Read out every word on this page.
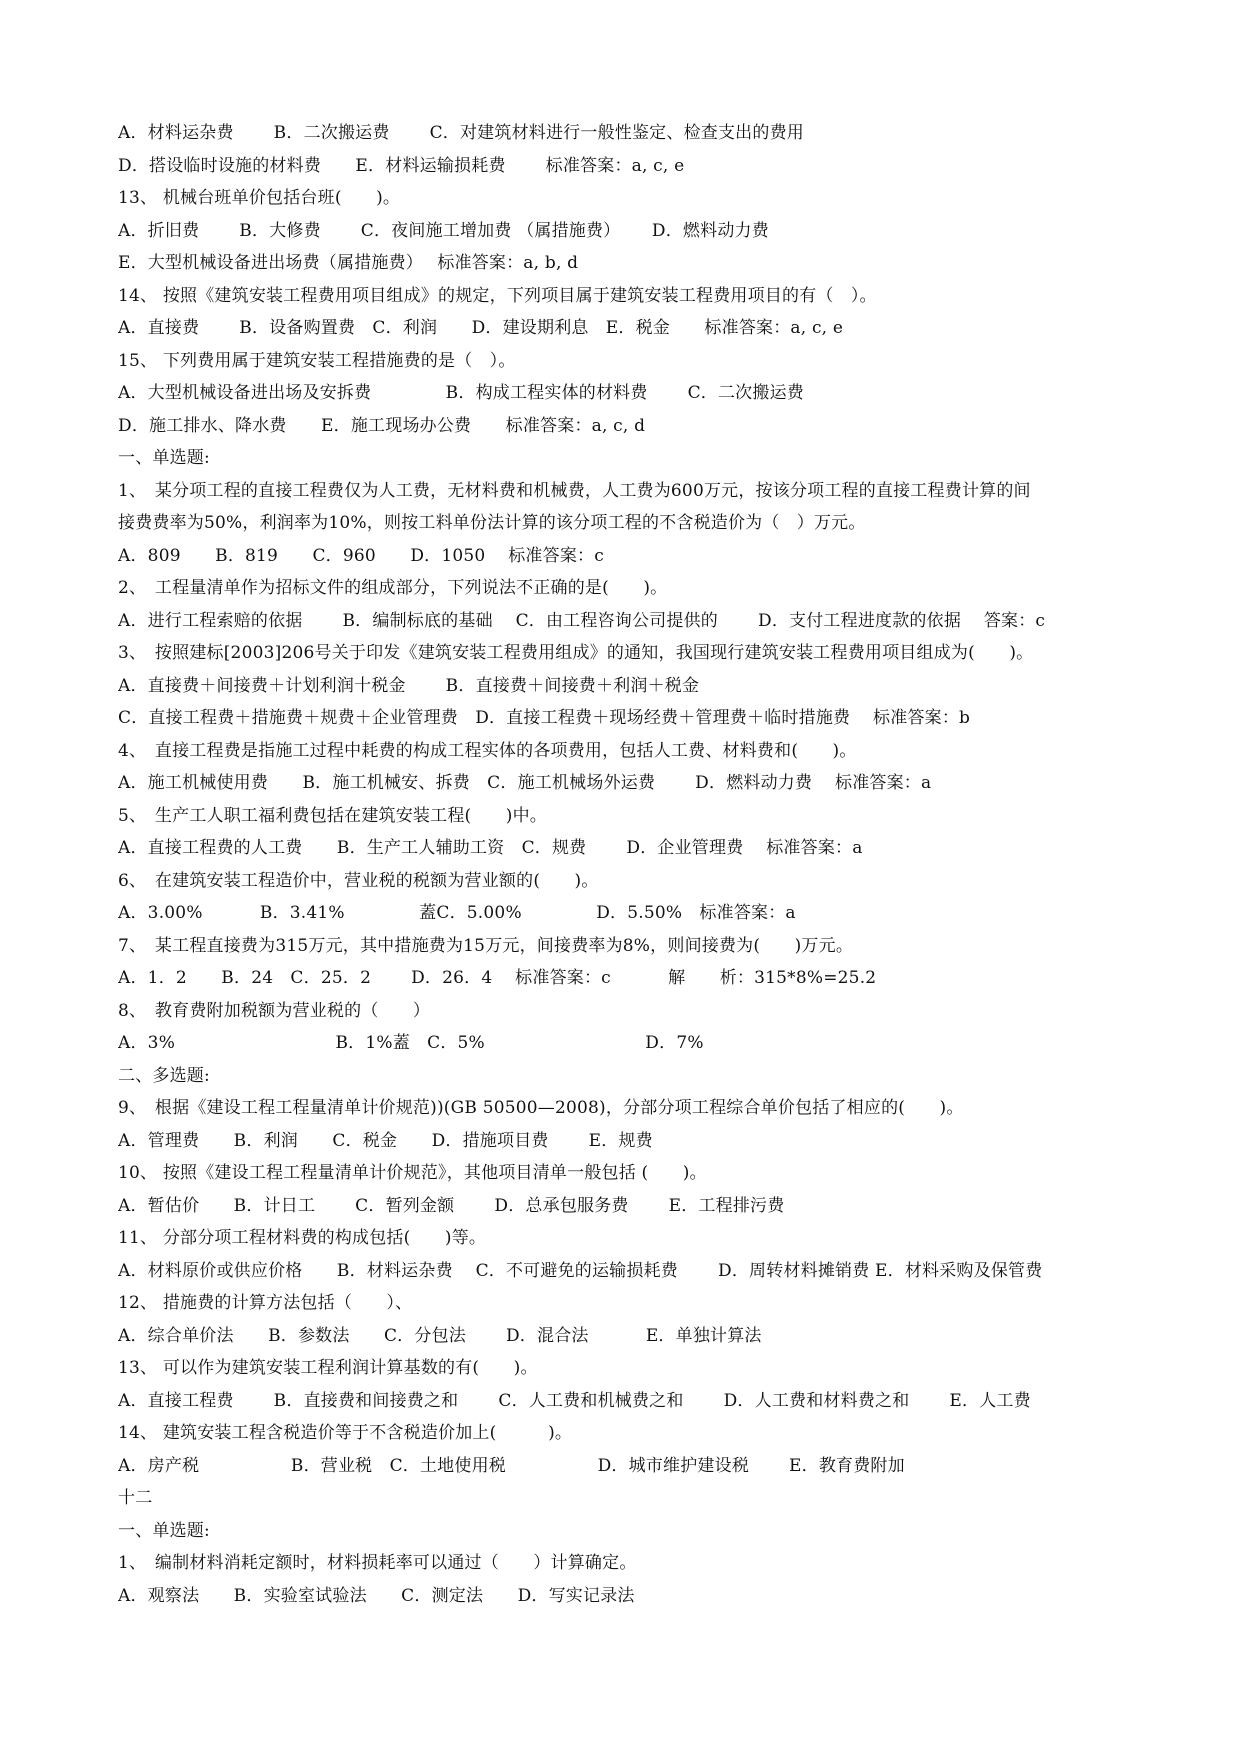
A．材料运杂费　　 B．二次搬运费　　 C．对建筑材料进行一般性鉴定、检查支出的费用
D．搭设临时设施的材料费　　E．材料运输损耗费　　 标准答案：a, c, e
13、 机械台班单价包括台班(　　)。
A．折旧费　　 B．大修费　　 C．夜间施工增加费 （属措施费）　　 D．燃料动力费
E．大型机械设备进出场费（属措施费）　 标准答案：a, b, d
14、 按照《建筑安装工程费用项目组成》的规定，下列项目属于建筑安装工程费用项目的有（　）。
A．直接费　　 B．设备购置费　C．利润　　D．建设期利息　E．税金　　标准答案：a, c, e
15、 下列费用属于建筑安装工程措施费的是（　）。
A．大型机械设备进出场及安拆费　　　　 B．构成工程实体的材料费　　 C．二次搬运费
D．施工排水、降水费　　E．施工现场办公费　　标准答案：a, c, d
一、单选题:
1、　某分项工程的直接工程费仅为人工费，无材料费和机械费，人工费为600万元，按该分项工程的直接工程费计算的间
接费费率为50%，利润率为10%，则按工料单份法计算的该分项工程的不含税造价为（　）万元。
A．809　　B．819　　C．960　　D．1050　 标准答案：c
2、　工程量清单作为招标文件的组成部分，下列说法不正确的是(　　)。
A．进行工程索赔的依据　　 B．编制标底的基础　 C．由工程咨询公司提供的　　 D．支付工程进度款的依据　 答案：c
3、　按照建标[2003]206号关于印发《建筑安装工程费用组成》的通知，我国现行建筑安装工程费用项目组成为(　　)。
A．直接费＋间接费＋计划利润十税金　　 B．直接费＋间接费＋利润＋税金
C．直接工程费＋措施费＋规费＋企业管理费　D．直接工程费＋现场经费＋管理费＋临时措施费　 标准答案：b
4、　直接工程费是指施工过程中耗费的构成工程实体的各项费用，包括人工费、材料费和(　　)。
A．施工机械使用费　　B．施工机械安、拆费　C．施工机械场外运费　　 D．燃料动力费　 标准答案：a
5、　生产工人职工福利费包括在建筑安装工程(　　)中。
A．直接工程费的人工费　　B．生产工人辅助工资　C．规费　　 D．企业管理费　 标准答案：a
6、　在建筑安装工程造价中，营业税的税额为营业额的(　　)。
A．3.00%　　　 B．3.41%　　　　 蓋C．5.00%　　　　 D．5.50%　标准答案：a
7、　某工程直接费为315万元，其中措施费为15万元，间接费率为8%，则间接费为(　　)万元。
A．1．2　　B．24　C．25．2　　 D．26．4　 标准答案：c　　　 解　　析：315*8%=25.2
8、　教育费附加税额为营业税的（　　）
A．3%　　　　　　　　　 B．1%蓋　C．5%　　　　　　　　　 D．7%
二、多选题:
9、　根据《建设工程工程量清单计价规范))(GB 50500—2008)，分部分项工程综合单价包括了相应的(　　)。
A．管理费　　B．利润　　C．税金　　D．措施项目费　　 E．规费
10、 按照《建设工程工程量清单计价规范》，其他项目清单一般包括 (　　)。
A．暂估价　　B．计日工　　 C．暂列金额　　 D．总承包服务费　　 E．工程排污费
11、 分部分项工程材料费的构成包括(　　)等。
A．材料原价或供应价格　　B．材料运杂费　 C．不可避免的运输损耗费　　 D．周转材料摊销费 E．材料采购及保管费
12、 措施费的计算方法包括（　　）、
A．综合单价法　　B．参数法　　C．分包法　　 D．混合法　　　 E．单独计算法
13、 可以作为建筑安装工程利润计算基数的有(　　)。
A．直接工程费　　 B．直接费和间接费之和　　 C．人工费和机械费之和　　 D．人工费和材料费之和　　 E．人工费
14、 建筑安装工程含税造价等于不含税造价加上(　　　)。
A．房产税　　　　　 B．营业税　C．土地使用税　　　　　 D．城市维护建设税　　 E．教育费附加
十二
一、单选题:
1、　编制材料消耗定额时，材料损耗率可以通过（　　）计算确定。
A．观察法　　B．实验室试验法　　C．测定法　　D．写实记录法
